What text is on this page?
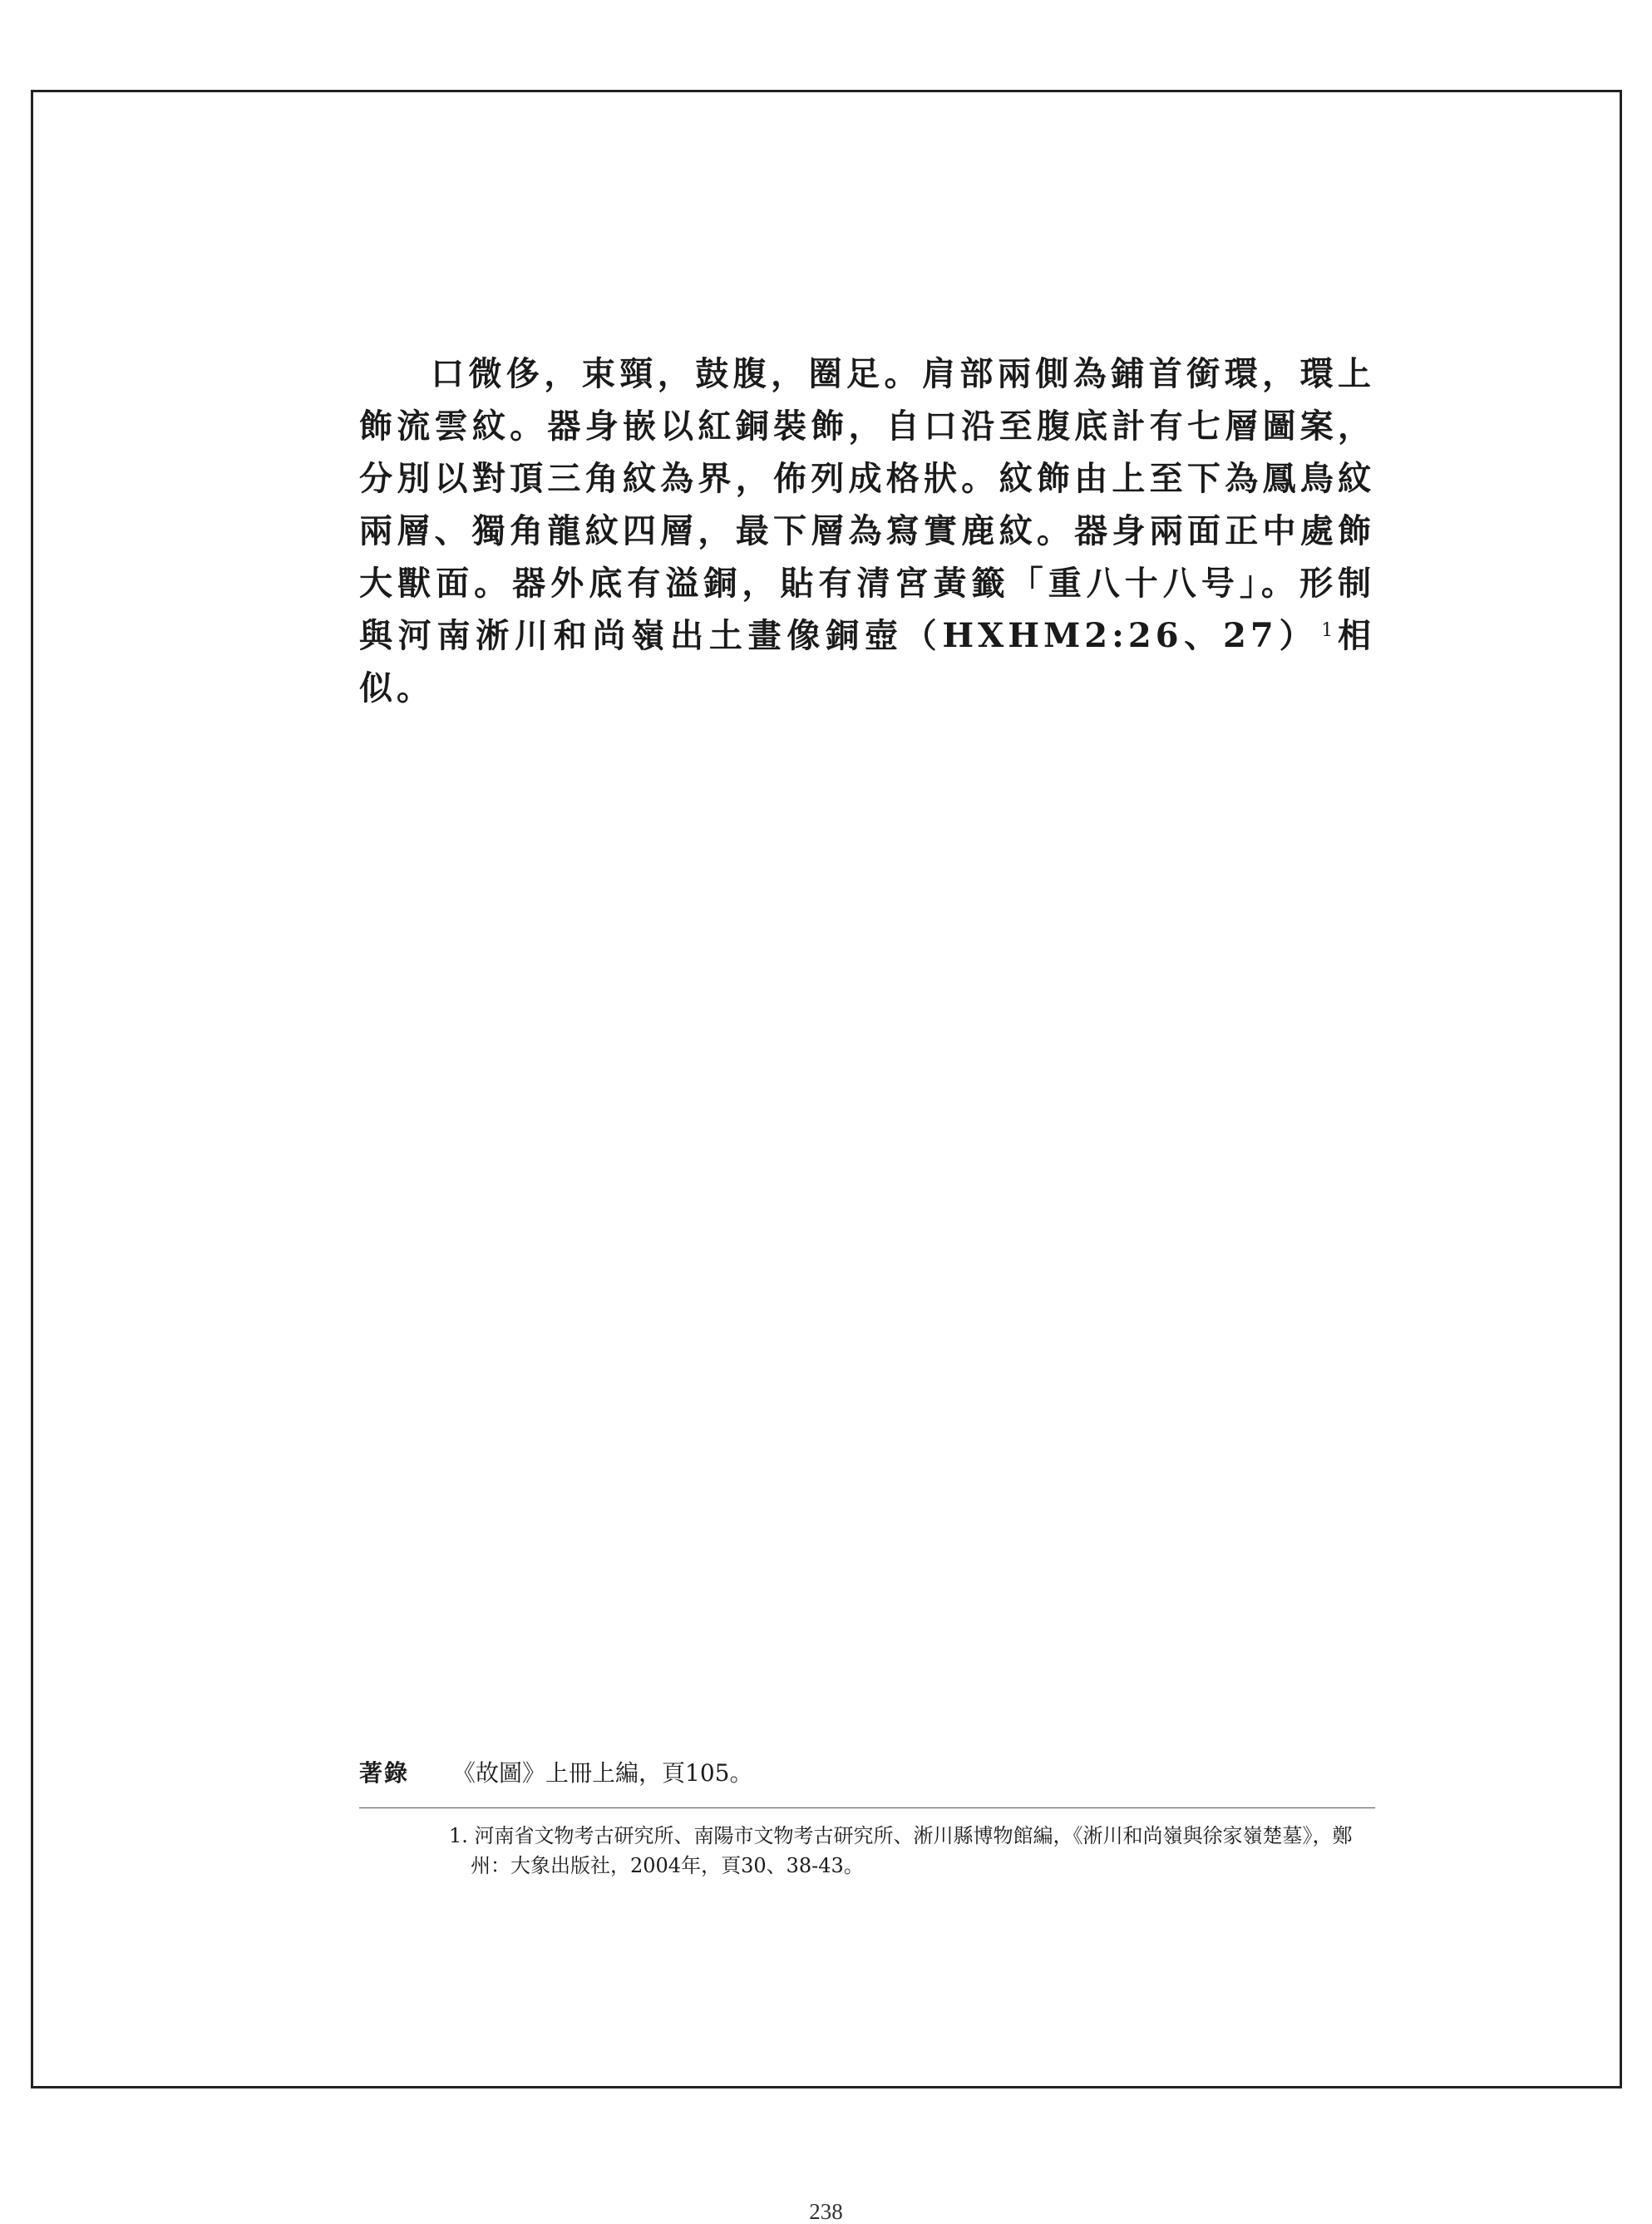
口微侈，束頸，鼓腹，圈足。肩部兩側為鋪首銜環，環上飾流雲紋。器身嵌以紅銅裝飾，自口沿至腹底計有七層圖案，分別以對頂三角紋為界，佈列成格狀。紋飾由上至下為鳳鳥紋兩層、獨角龍紋四層，最下層為寫實鹿紋。器身兩面正中處飾大獸面。器外底有溢銅，貼有清宮黃籤「重八十八号」。形制與河南淅川和尚嶺出土畫像銅壺（HXHM2:26、27） $^1$ 相似。

著錄 《故圖》上冊上編，頁105。
1. 河南省文物考古研究所、南陽市文物考古研究所、淅川縣博物館編，《淅川和尚嶺與徐家嶺楚墓》，鄭州：大象出版社，2004年，頁30、38-43。
238
